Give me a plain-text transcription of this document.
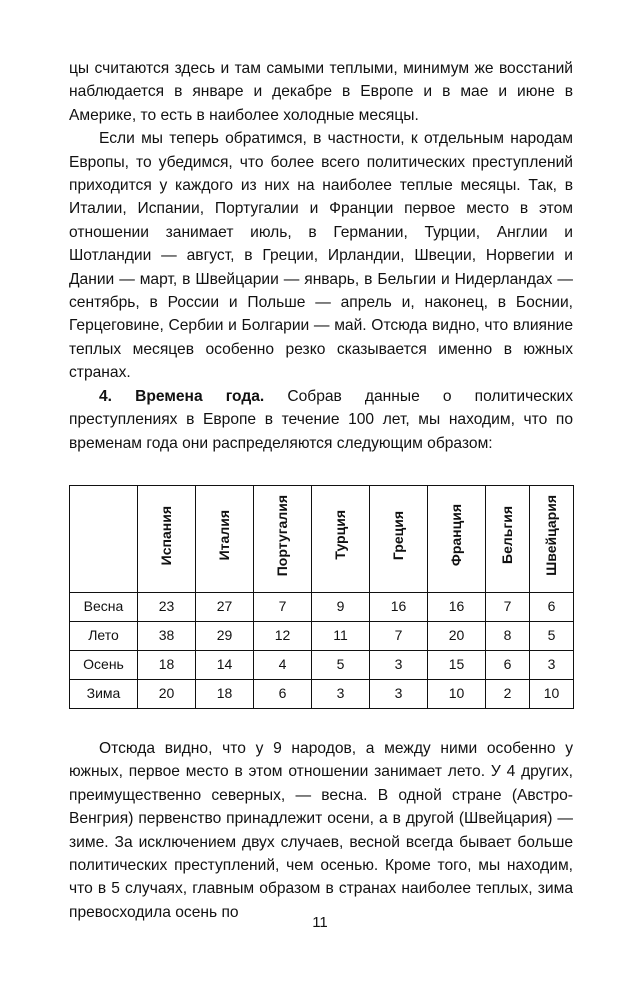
цы считаются здесь и там самыми теплыми, минимум же восстаний наблюдается в январе и декабре в Европе и в мае и июне в Америке, то есть в наиболее холодные месяцы.

Если мы теперь обратимся, в частности, к отдельным народам Европы, то убедимся, что более всего политических преступлений приходится у каждого из них на наиболее теплые месяцы. Так, в Италии, Испании, Португалии и Франции первое место в этом отношении занимает июль, в Германии, Турции, Англии и Шотландии — август, в Греции, Ирландии, Швеции, Норвегии и Дании — март, в Швейцарии — январь, в Бельгии и Нидерландах — сентябрь, в России и Польше — апрель и, наконец, в Боснии, Герцеговине, Сербии и Болгарии — май. Отсюда видно, что влияние теплых месяцев особенно резко сказывается именно в южных странах.

4. Времена года. Собрав данные о политических преступлениях в Европе в течение 100 лет, мы находим, что по временам года они распределяются следующим образом:

	Испания	Италия	Португалия	Турция	Греция	Франция	Бельгия	Швейцария
Весна	23	27	7	9	16	16	7	6
Лето	38	29	12	11	7	20	8	5
Осень	18	14	4	5	3	15	6	3
Зима	20	18	6	3	3	10	2	10

Отсюда видно, что у 9 народов, а между ними особенно у южных, первое место в этом отношении занимает лето. У 4 других, преимущественно северных, — весна. В одной стране (Австро-Венгрия) первенство принадлежит осени, а в другой (Швейцария) — зиме. За исключением двух случаев, весной всегда бывает больше политических преступлений, чем осенью. Кроме того, мы находим, что в 5 случаях, главным образом в странах наиболее теплых, зима превосходила осень по

11
